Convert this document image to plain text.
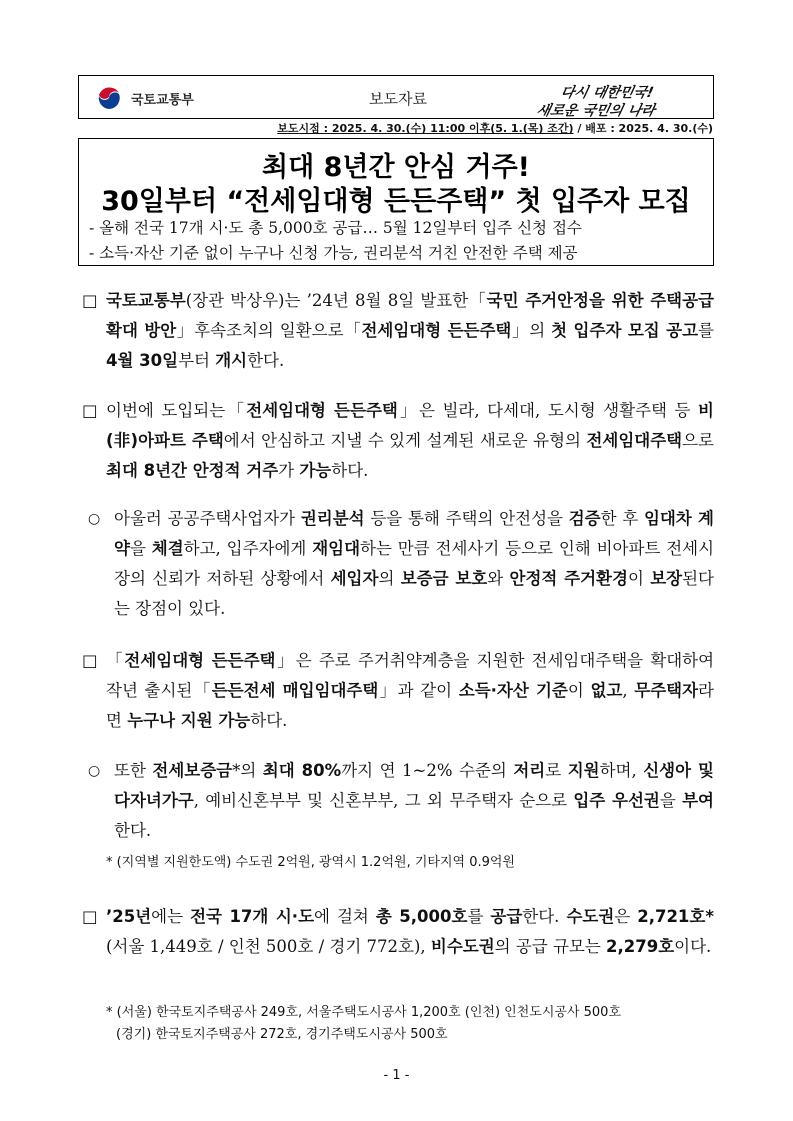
국토교통부	보도자료	다시 대한민국!
새로운 국민의 나라
보도시점 : 2025. 4. 30.(수) 11:00 이후(5. 1.(목) 조간) / 배포 : 2025. 4. 30.(수)
최대 8년간 안심 거주!
30일부터 “전세임대형 든든주택” 첫 입주자 모집
- 올해 전국 17개 시·도 총 5,000호 공급… 5월 12일부터 입주 신청 접수
- 소득·자산 기준 없이 누구나 신청 가능, 권리분석 거친 안전한 주택 제공
□ 국토교통부(장관 박상우)는 ’24년 8월 8일 발표한「국민 주거안정을 위한 주택공급 확대 방안」후속조치의 일환으로「전세임대형 든든주택」의 첫 입주자 모집 공고를 4월 30일부터 개시한다.
□ 이번에 도입되는「전세임대형 든든주택」은 빌라, 다세대, 도시형 생활주택 등 비(非)아파트 주택에서 안심하고 지낼 수 있게 설계된 새로운 유형의 전세임대주택으로 최대 8년간 안정적 거주가 가능하다.
○ 아울러 공공주택사업자가 권리분석 등을 통해 주택의 안전성을 검증한 후 임대차 계약을 체결하고, 입주자에게 재임대하는 만큼 전세사기 등으로 인해 비아파트 전세시장의 신뢰가 저하된 상황에서 세입자의 보증금 보호와 안정적 주거환경이 보장된다는 장점이 있다.
□ 「전세임대형 든든주택」은 주로 주거취약계층을 지원한 전세임대주택을 확대하여 작년 출시된「든든전세 매입임대주택」과 같이 소득·자산 기준이 없고, 무주택자라면 누구나 지원 가능하다.
○ 또한 전세보증금*의 최대 80%까지 연 1~2% 수준의 저리로 지원하며, 신생아 및 다자녀가구, 예비신혼부부 및 신혼부부, 그 외 무주택자 순으로 입주 우선권을 부여한다.
* (지역별 지원한도액) 수도권 2억원, 광역시 1.2억원, 기타지역 0.9억원
□ ’25년에는 전국 17개 시·도에 걸쳐 총 5,000호를 공급한다. 수도권은 2,721호*(서울 1,449호 / 인천 500호 / 경기 772호), 비수도권의 공급 규모는 2,279호이다.
* (서울) 한국토지주택공사 249호, 서울주택도시공사 1,200호 (인천) 인천도시공사 500호
(경기) 한국토지주택공사 272호, 경기주택도시공사 500호
- 1 -
